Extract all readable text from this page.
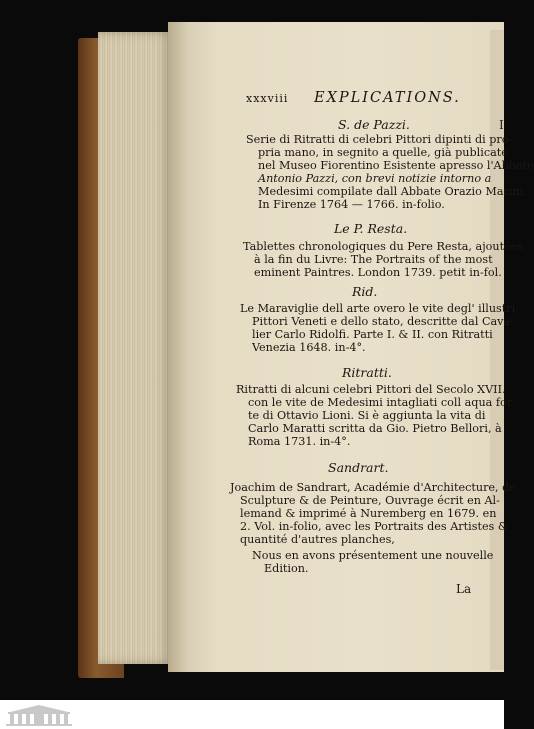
I
xxxviii EXPLICATIONS.
S. de Pazzi.
Serie di Ritratti di celebri Pittori dipinti di pro-
pria mano, in segnito a quelle, già publicate
nel Museo Fiorentino Esistente apresso l'Abbate
Antonio Pazzi, con brevi notizie intorno a
Medesimi compilate dall Abbate Orazio Marini.
In Firenze 1764 — 1766. in-folio.
Le P. Resta.
Tablettes chronologiques du Pere Resta, ajoutées
à la fin du Livre: The Portraits of the most
eminent Paintres. London 1739. petit in-fol.
Rid.
Le Maraviglie dell arte overo le vite degl' illustri
Pittori Veneti e dello stato, descritte dal Cava-
lier Carlo Ridolfi. Parte I. & II. con Ritratti
Venezia 1648. in-4°.
Ritratti.
Ritratti di alcuni celebri Pittori del Secolo XVII.
con le vite de Medesimi intagliati coll aqua for-
te di Ottavio Lioni. Si è aggiunta la vita di
Carlo Maratti scritta da Gio. Pietro Bellori, à
Roma 1731. in-4°.
Sandrart.
Joachim de Sandrart, Académie d'Architecture, de
Sculpture & de Peinture, Ouvrage écrit en Al-
lemand & imprimé à Nuremberg en 1679. en
2. Vol. in-folio, avec les Portraits des Artistes &
quantité d'autres planches,
Nous en avons présentement une nouvelle
Edition.
La
